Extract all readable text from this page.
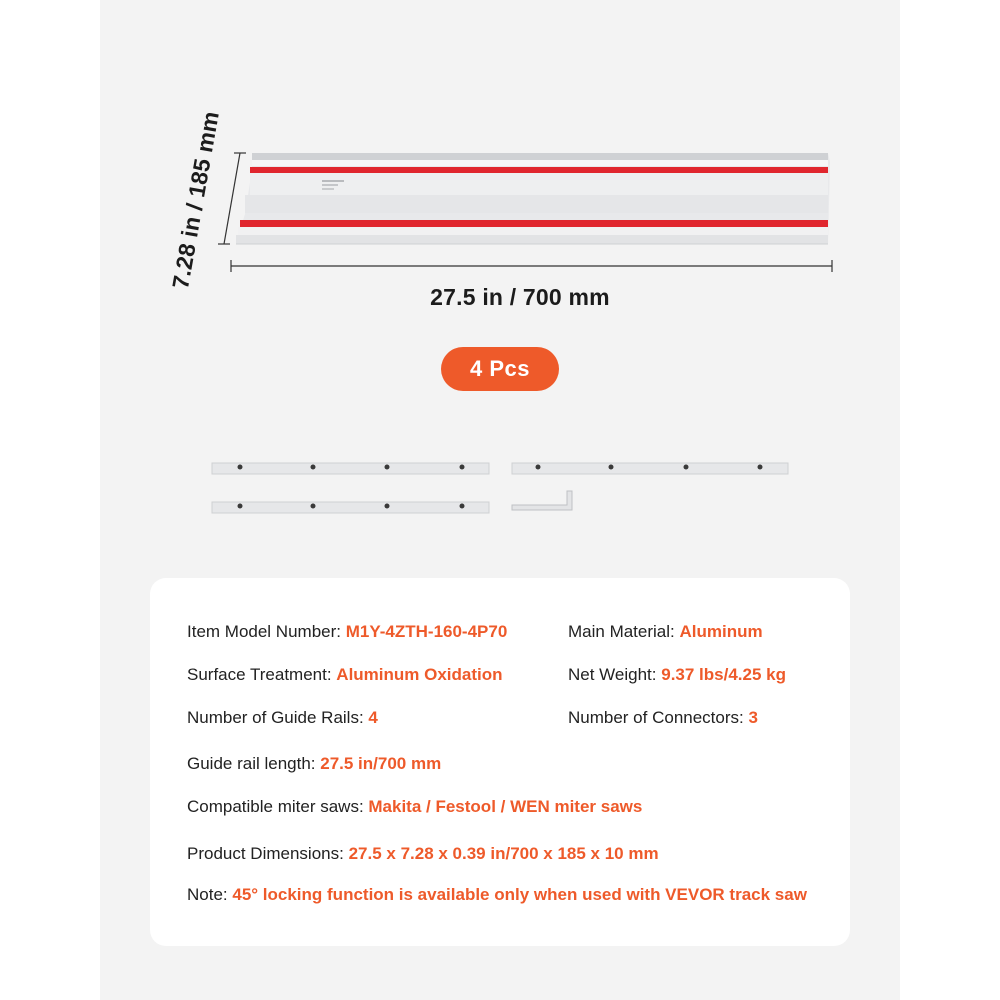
27.5 in / 700 mm
7.28 in / 185 mm
4 Pcs
Item Model Number: M1Y-4ZTH-160-4P70	Main Material: Aluminum
Surface Treatment: Aluminum Oxidation	Net Weight: 9.37 lbs/4.25 kg
Number of Guide Rails: 4	Number of Connectors: 3
Guide rail length: 27.5 in/700 mm
Compatible miter saws: Makita / Festool / WEN miter saws
Product Dimensions: 27.5 x 7.28 x 0.39 in/700 x 185 x 10 mm
Note: 45° locking function is available only when used with VEVOR track saw
